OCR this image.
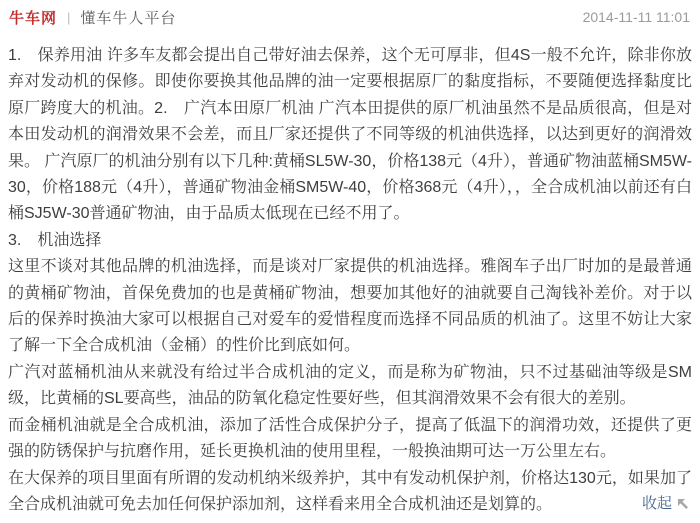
牛车网 | 懂车牛人平台	2014-11-11 11:01

1.　保养用油 许多车友都会提出自己带好油去保养，这个无可厚非，但4S一般不允许，除非你放弃对发动机的保修。即使你要换其他品牌的油一定要根据原厂的黏度指标，不要随便选择黏度比原厂跨度大的机油。2.　广汽本田原厂机油 广汽本田提供的原厂机油虽然不是品质很高，但是对本田发动机的润滑效果不会差，而且厂家还提供了不同等级的机油供选择，以达到更好的润滑效果。 广汽原厂的机油分别有以下几种:黄桶SL5W-30，价格138元（4升），普通矿物油蓝桶SM5W-30，价格188元（4升），普通矿物油金桶SM5W-40，价格368元（4升），，全合成机油以前还有白桶SJ5W-30普通矿物油，由于品质太低现在已经不用了。

3.　机油选择

这里不谈对其他品牌的机油选择，而是谈对厂家提供的机油选择。雅阁车子出厂时加的是最普通的黄桶矿物油，首保免费加的也是黄桶矿物油，想要加其他好的油就要自己淘钱补差价。对于以后的保养时换油大家可以根据自己对爱车的爱惜程度而选择不同品质的机油了。这里不妨让大家了解一下全合成机油（金桶）的性价比到底如何。

广汽对蓝桶机油从来就没有给过半合成机油的定义，而是称为矿物油，只不过基础油等级是SM级，比黄桶的SL要高些，油品的防氧化稳定性要好些，但其润滑效果不会有很大的差别。

而金桶机油就是全合成机油，添加了活性合成保护分子，提高了低温下的润滑功效，还提供了更强的防锈保护与抗磨作用，延长更换机油的使用里程，一般换油期可达一万公里左右。

在大保养的项目里面有所谓的发动机纳米级养护，其中有发动机保护剂，价格达130元，如果加了全合成机油就可免去加任何保护添加剂，这样看来用全合成机油还是划算的。	收起
